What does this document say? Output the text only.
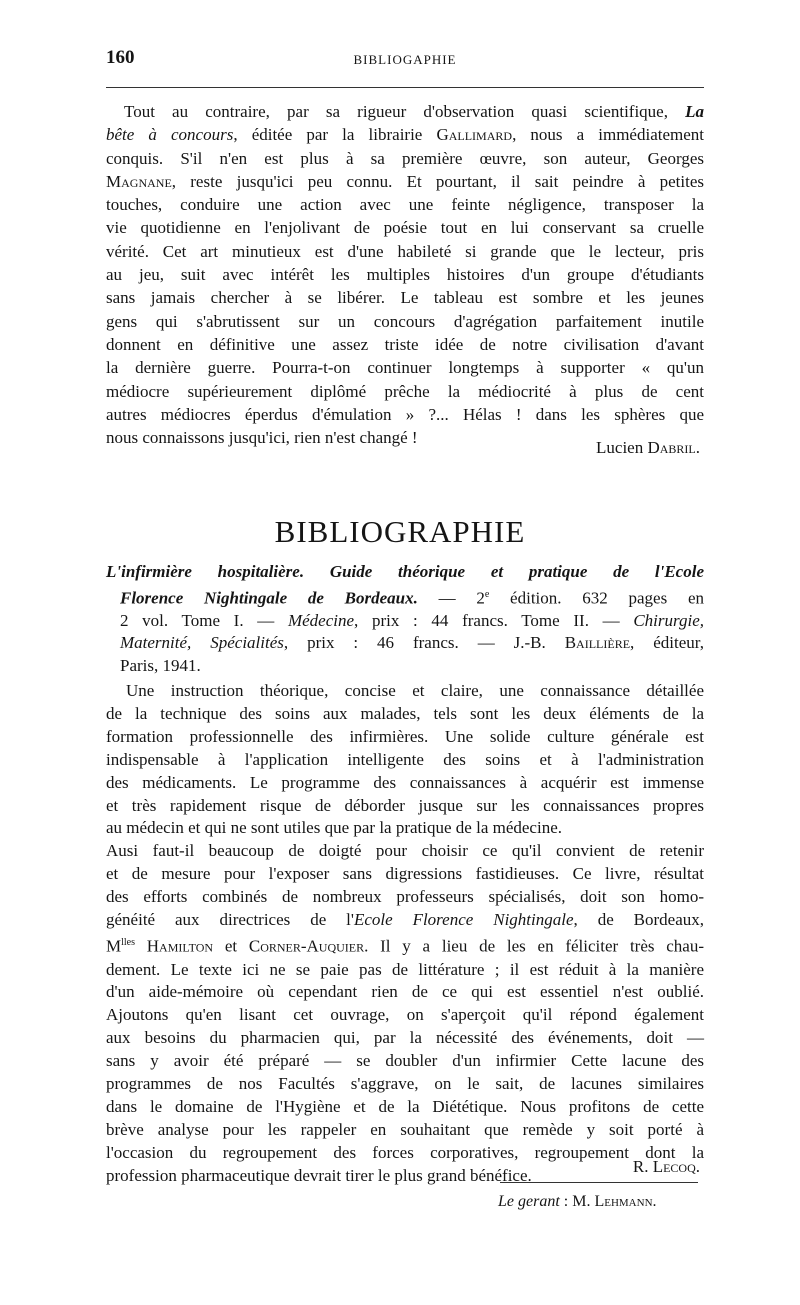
160	BIBLIOGAPHIE

Tout au contraire, par sa rigueur d'observation quasi scientifique, La
bête à concours, éditée par la librairie Gallimard, nous a immédiatement
conquis. S'il n'en est plus à sa première œuvre, son auteur, Georges
Magnane, reste jusqu'ici peu connu. Et pourtant, il sait peindre à petites
touches, conduire une action avec une feinte négligence, transposer la
vie quotidienne en l'enjolivant de poésie tout en lui conservant sa cruelle
vérité. Cet art minutieux est d'une habileté si grande que le lecteur, pris
au jeu, suit avec intérêt les multiples histoires d'un groupe d'étudiants
sans jamais chercher à se libérer. Le tableau est sombre et les jeunes
gens qui s'abrutissent sur un concours d'agrégation parfaitement inutile
donnent en définitive une assez triste idée de notre civilisation d'avant
la dernière guerre. Pourra-t-on continuer longtemps à supporter « qu'un
médiocre supérieurement diplômé prêche la médiocrité à plus de cent
autres médiocres éperdus d'émulation » ?... Hélas ! dans les sphères que
nous connaissons jusqu'ici, rien n'est changé !

Lucien Dabril.
BIBLIOGRAPHIE
L'infirmière hospitalière. Guide théorique et pratique de l'Ecole
Florence Nightingale de Bordeaux. — 2e édition. 632 pages en
2 vol. Tome I. — Médecine, prix : 44 francs. Tome II. — Chirurgie,
Maternité, Spécialités, prix : 46 francs. — J.-B. Baillière, éditeur,
Paris, 1941.

Une instruction théorique, concise et claire, une connaissance détaillée
de la technique des soins aux malades, tels sont les deux éléments de la
formation professionnelle des infirmières. Une solide culture générale est
indispensable à l'application intelligente des soins et à l'administration
des médicaments. Le programme des connaissances à acquérir est immense
et très rapidement risque de déborder jusque sur les connaissances propres
au médecin et qui ne sont utiles que par la pratique de la médecine.
Ausi faut-il beaucoup de doigté pour choisir ce qu'il convient de retenir
et de mesure pour l'exposer sans digressions fastidieuses. Ce livre, résultat
des efforts combinés de nombreux professeurs spécialisés, doit son homo-
généité aux directrices de l'Ecole Florence Nightingale, de Bordeaux,
$M^{lles}$ Hamilton et Corner-Auquier. Il y a lieu de les en féliciter très chau-
dement. Le texte ici ne se paie pas de littérature ; il est réduit à la manière
d'un aide-mémoire où cependant rien de ce qui est essentiel n'est oublié.
Ajoutons qu'en lisant cet ouvrage, on s'aperçoit qu'il répond également
aux besoins du pharmacien qui, par la nécessité des événements, doit —
sans y avoir été préparé — se doubler d'un infirmier Cette lacune des
programmes de nos Facultés s'aggrave, on le sait, de lacunes similaires
dans le domaine de l'Hygiène et de la Diététique. Nous profitons de cette
brève analyse pour les rappeler en souhaitant que remède y soit porté à
l'occasion du regroupement des forces corporatives, regroupement dont la
profession pharmaceutique devrait tirer le plus grand bénéfice.	R. Lecoq.
Le gerant : M. Lehmann.
